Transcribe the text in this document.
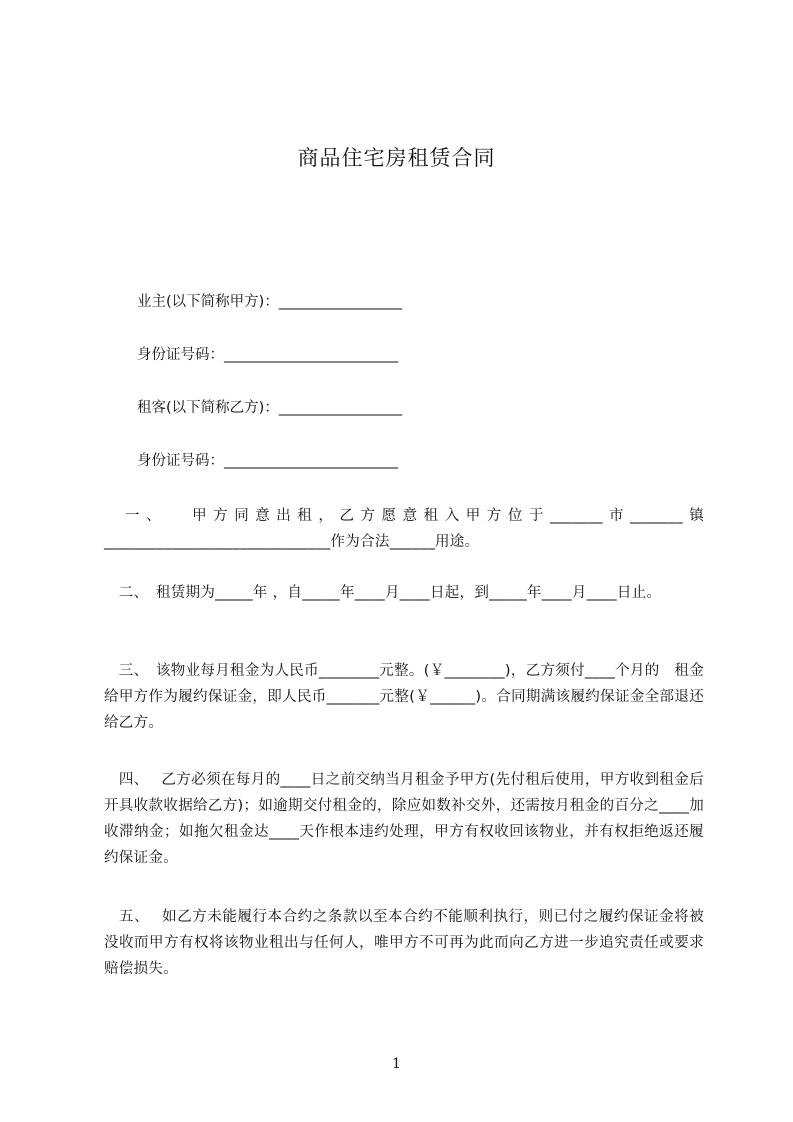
商品住宅房租赁合同
业主(以下简称甲方)：_________________
身份证号码：________________________
租客(以下简称乙方)：_________________
身份证号码：________________________
　一、　 甲方同意出租，乙方愿意租入甲方位于_______市_______镇______________________________作为合法______用途。
　二、　租赁期为_____年 ，自_____年____月____日起，到_____年____月____日止。
　三、　该物业每月租金为人民币________元整。(￥________)，乙方须付____个月的　租金给甲方作为履约保证金，即人民币_______元整(￥______)。合同期满该履约保证金全部退还给乙方。
　四、　 乙方必须在每月的____日之前交纳当月租金予甲方(先付租后使用，甲方收到租金后开具收款收据给乙方)；如逾期交付租金的，除应如数补交外，还需按月租金的百分之____加收滞纳金；如拖欠租金达____天作根本违约处理，甲方有权收回该物业，并有权拒绝返还履约保证金。
　五、　 如乙方未能履行本合约之条款以至本合约不能顺利执行，则已付之履约保证金将被没收而甲方有权将该物业租出与任何人，唯甲方不可再为此而向乙方进一步追究责任或要求赔偿损失。
1
